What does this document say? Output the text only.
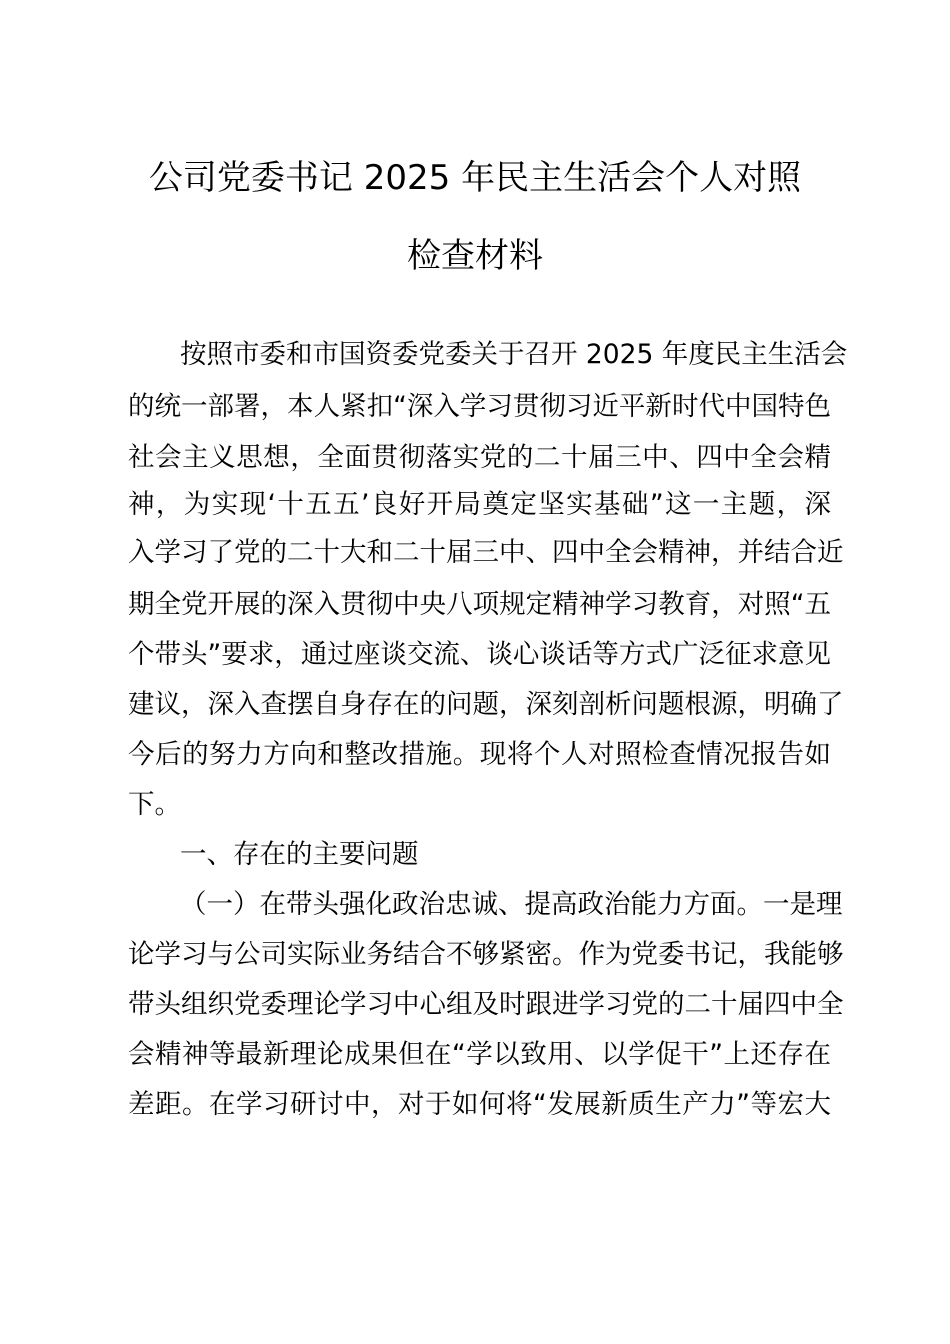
公司党委书记 2025 年民主生活会个人对照
检查材料
按照市委和市国资委党委关于召开 2025 年度民主生活会
的统一部署，本人紧扣“深入学习贯彻习近平新时代中国特色
社会主义思想，全面贯彻落实党的二十届三中、四中全会精
神，为实现‘十五五’良好开局奠定坚实基础”这一主题，深
入学习了党的二十大和二十届三中、四中全会精神，并结合近
期全党开展的深入贯彻中央八项规定精神学习教育，对照“五
个带头”要求，通过座谈交流、谈心谈话等方式广泛征求意见
建议，深入查摆自身存在的问题，深刻剖析问题根源，明确了
今后的努力方向和整改措施。现将个人对照检查情况报告如
下。
一、存在的主要问题
（一）在带头强化政治忠诚、提高政治能力方面。一是理
论学习与公司实际业务结合不够紧密。作为党委书记，我能够
带头组织党委理论学习中心组及时跟进学习党的二十届四中全
会精神等最新理论成果但在“学以致用、以学促干”上还存在
差距。在学习研讨中，对于如何将“发展新质生产力”等宏大
